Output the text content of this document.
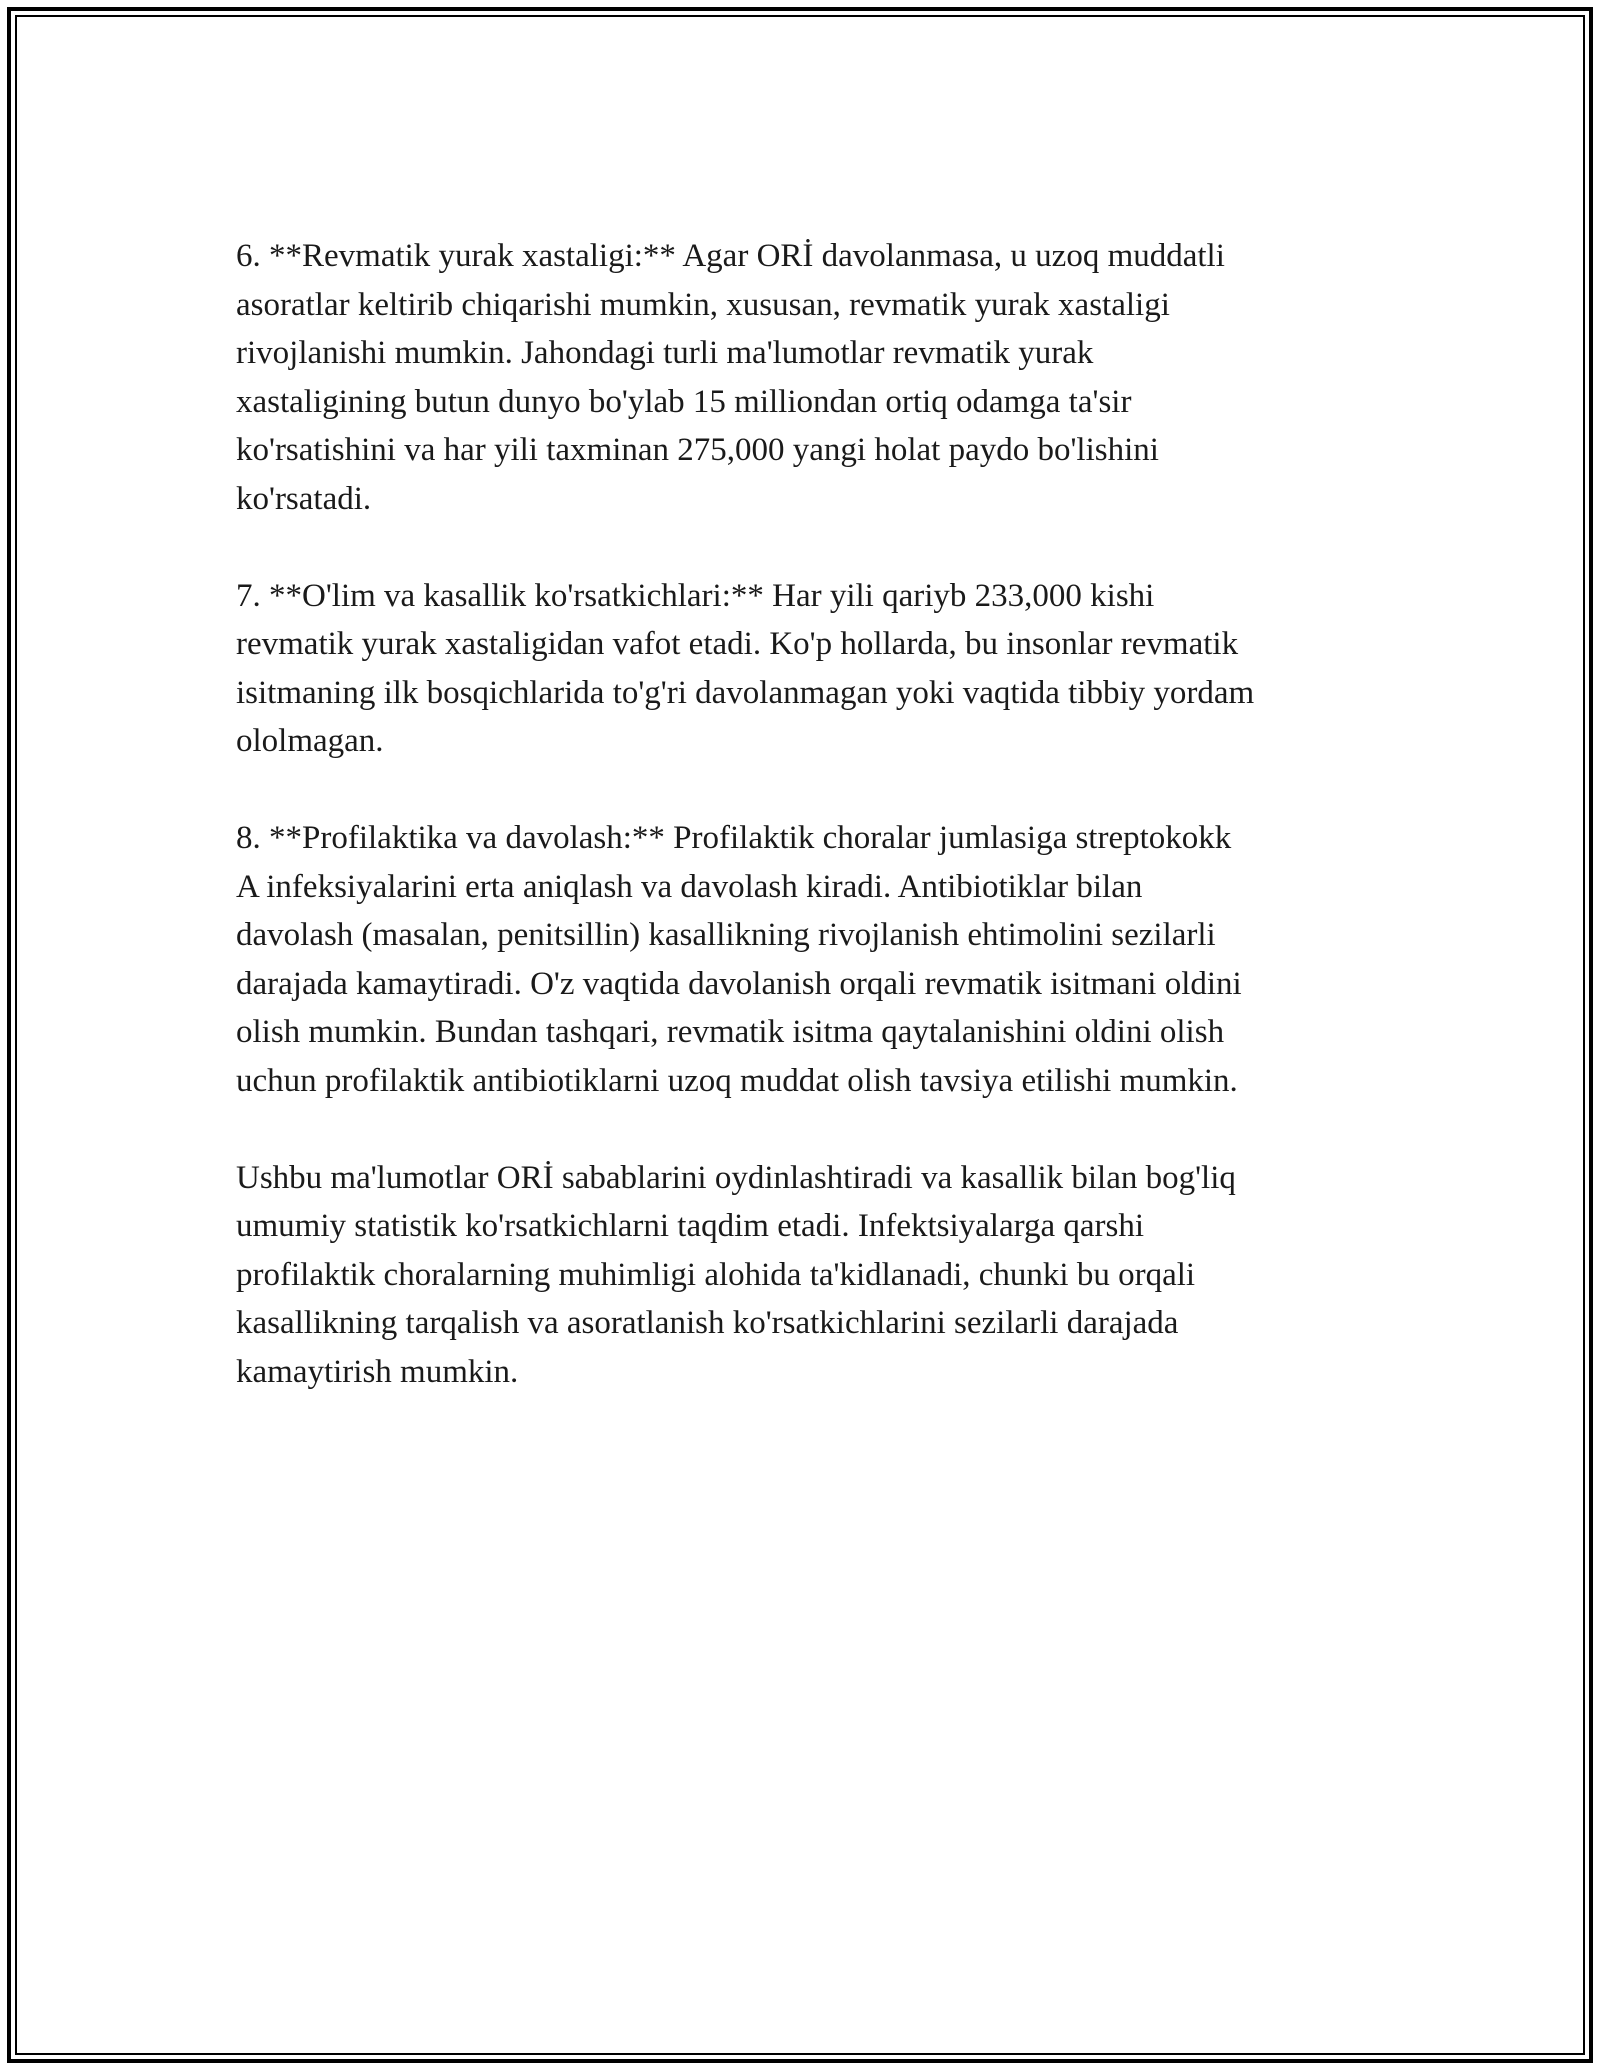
6. **Revmatik yurak xastaligi:** Agar ORİ davolanmasa, u uzoq muddatli
asoratlar keltirib chiqarishi mumkin, xususan, revmatik yurak xastaligi
rivojlanishi mumkin. Jahondagi turli ma'lumotlar revmatik yurak
xastaligining butun dunyo bo'ylab 15 milliondan ortiq odamga ta'sir
ko'rsatishini va har yili taxminan 275,000 yangi holat paydo bo'lishini
ko'rsatadi.

7. **O'lim va kasallik ko'rsatkichlari:** Har yili qariyb 233,000 kishi
revmatik yurak xastaligidan vafot etadi. Ko'p hollarda, bu insonlar revmatik
isitmaning ilk bosqichlarida to'g'ri davolanmagan yoki vaqtida tibbiy yordam
ololmagan.

8. **Profilaktika va davolash:** Profilaktik choralar jumlasiga streptokokk
A infeksiyalarini erta aniqlash va davolash kiradi. Antibiotiklar bilan
davolash (masalan, penitsillin) kasallikning rivojlanish ehtimolini sezilarli
darajada kamaytiradi. O'z vaqtida davolanish orqali revmatik isitmani oldini
olish mumkin. Bundan tashqari, revmatik isitma qaytalanishini oldini olish
uchun profilaktik antibiotiklarni uzoq muddat olish tavsiya etilishi mumkin.

Ushbu ma'lumotlar ORİ sabablarini oydinlashtiradi va kasallik bilan bog'liq
umumiy statistik ko'rsatkichlarni taqdim etadi. Infektsiyalarga qarshi
profilaktik choralarning muhimligi alohida ta'kidlanadi, chunki bu orqali
kasallikning tarqalish va asoratlanish ko'rsatkichlarini sezilarli darajada
kamaytirish mumkin.
